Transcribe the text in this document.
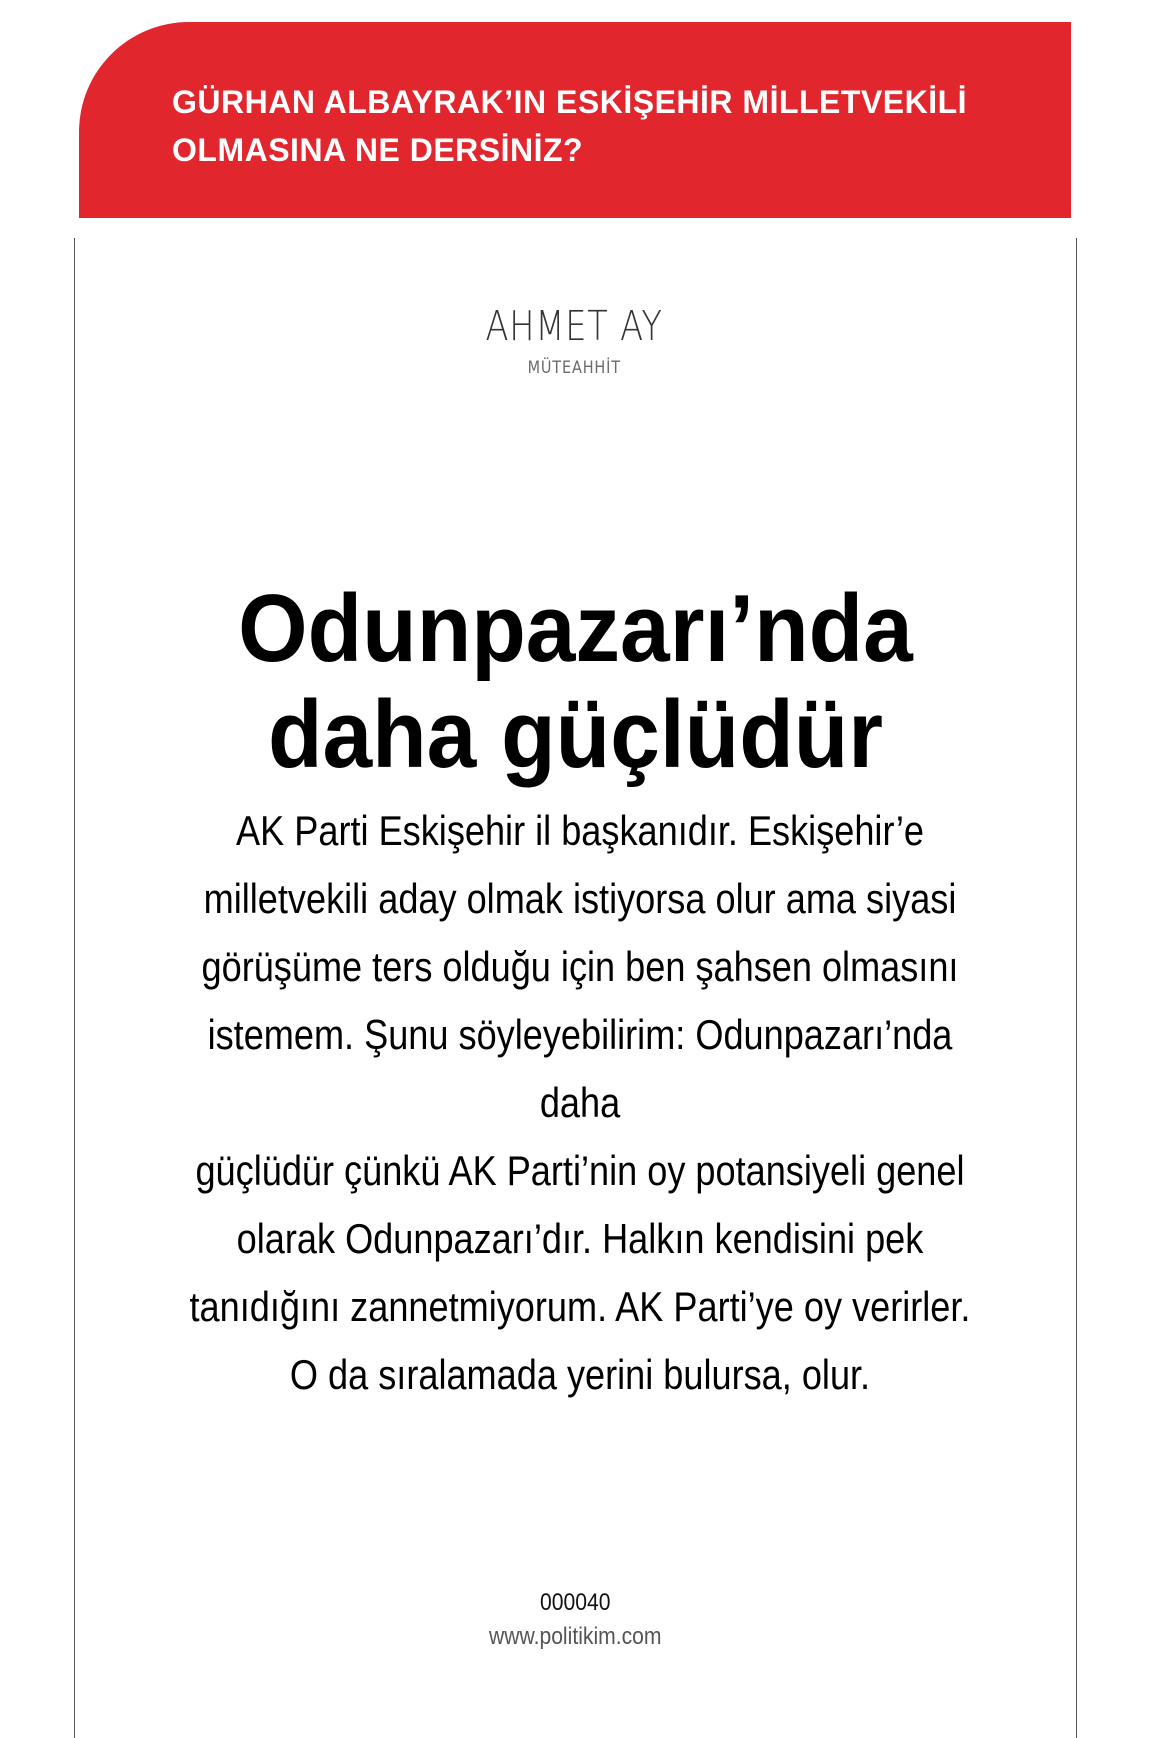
GÜRHAN ALBAYRAK’IN ESKİŞEHİR MİLLETVEKİLİ
OLMASINA NE DERSİNİZ?
AHMET AY
MÜTEAHHİT
Odunpazarı’nda
daha güçlüdür

AK Parti Eskişehir il başkanıdır. Eskişehir’e
milletvekili aday olmak istiyorsa olur ama siyasi
görüşüme ters olduğu için ben şahsen olmasını
istemem. Şunu söyleyebilirim: Odunpazarı’nda daha
güçlüdür çünkü AK Parti’nin oy potansiyeli genel
olarak Odunpazarı’dır. Halkın kendisini pek
tanıdığını zannetmiyorum. AK Parti’ye oy verirler.
O da sıralamada yerini bulursa, olur.

000040
www.politikim.com
